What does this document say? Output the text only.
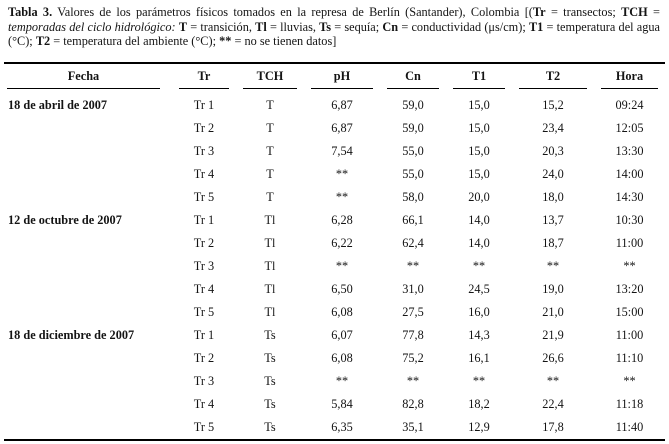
Tabla 3. Valores de los parámetros físicos tomados en la represa de Berlín (Santander), Colombia [(Tr = transectos; TCH = temporadas del ciclo hidrológico: T = transición, Tl = lluvias, Ts = sequía; Cn = conductividad (μs/cm); T1 = temperatura del agua (°C); T2 = temperatura del ambiente (°C); ** = no se tienen datos]
Fecha	Tr	TCH	pH	Cn	T1	T2	Hora

18 de abril de 2007	Tr 1	T	6,87	59,0	15,0	15,2	09:24
	Tr 2	T	6,87	59,0	15,0	23,4	12:05
	Tr 3	T	7,54	55,0	15,0	20,3	13:30
	Tr 4	T	**	55,0	15,0	24,0	14:00
	Tr 5	T	**	58,0	20,0	18,0	14:30
12 de octubre de 2007	Tr 1	Tl	6,28	66,1	14,0	13,7	10:30
	Tr 2	Tl	6,22	62,4	14,0	18,7	11:00
	Tr 3	Tl	**	**	**	**	**
	Tr 4	Tl	6,50	31,0	24,5	19,0	13:20
	Tr 5	Tl	6,08	27,5	16,0	21,0	15:00
18 de diciembre de 2007	Tr 1	Ts	6,07	77,8	14,3	21,9	11:00
	Tr 2	Ts	6,08	75,2	16,1	26,6	11:10
	Tr 3	Ts	**	**	**	**	**
	Tr 4	Ts	5,84	82,8	18,2	22,4	11:18
	Tr 5	Ts	6,35	35,1	12,9	17,8	11:40
